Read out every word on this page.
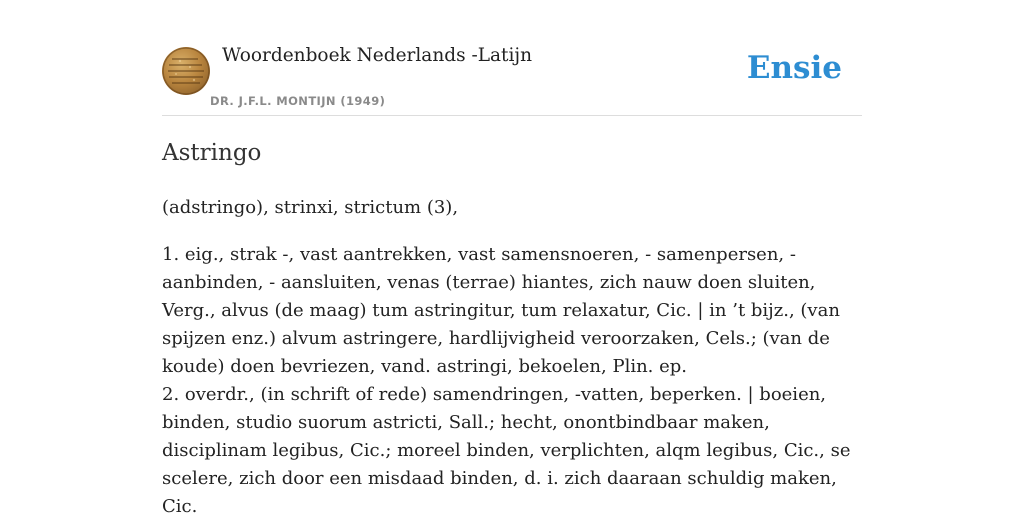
Woordenboek Nederlands -Latijn
DR. J.F.L. MONTIJN (1949)
Ensie
Astringo

(adstringo), strinxi, strictum (3),

1. eig., strak -, vast aantrekken, vast samensnoeren, - samenpersen, - aanbinden, - aansluiten, venas (terrae) hiantes, zich nauw doen sluiten, Verg., alvus (de maag) tum astringitur, tum relaxatur, Cic. | in ’t bijz., (van spijzen enz.) alvum astringere, hardlijvigheid veroorzaken, Cels.; (van de koude) doen bevriezen, vand. astringi, bekoelen, Plin. ep.

2. overdr., (in schrift of rede) samendringen, -vatten, beperken. | boeien, binden, studio suorum astricti, Sall.; hecht, onontbindbaar maken, disciplinam legibus, Cic.; moreel binden, verplichten, alqm legibus, Cic., se scelere, zich door een misdaad binden, d. i. zich daaraan schuldig maken, Cic.
